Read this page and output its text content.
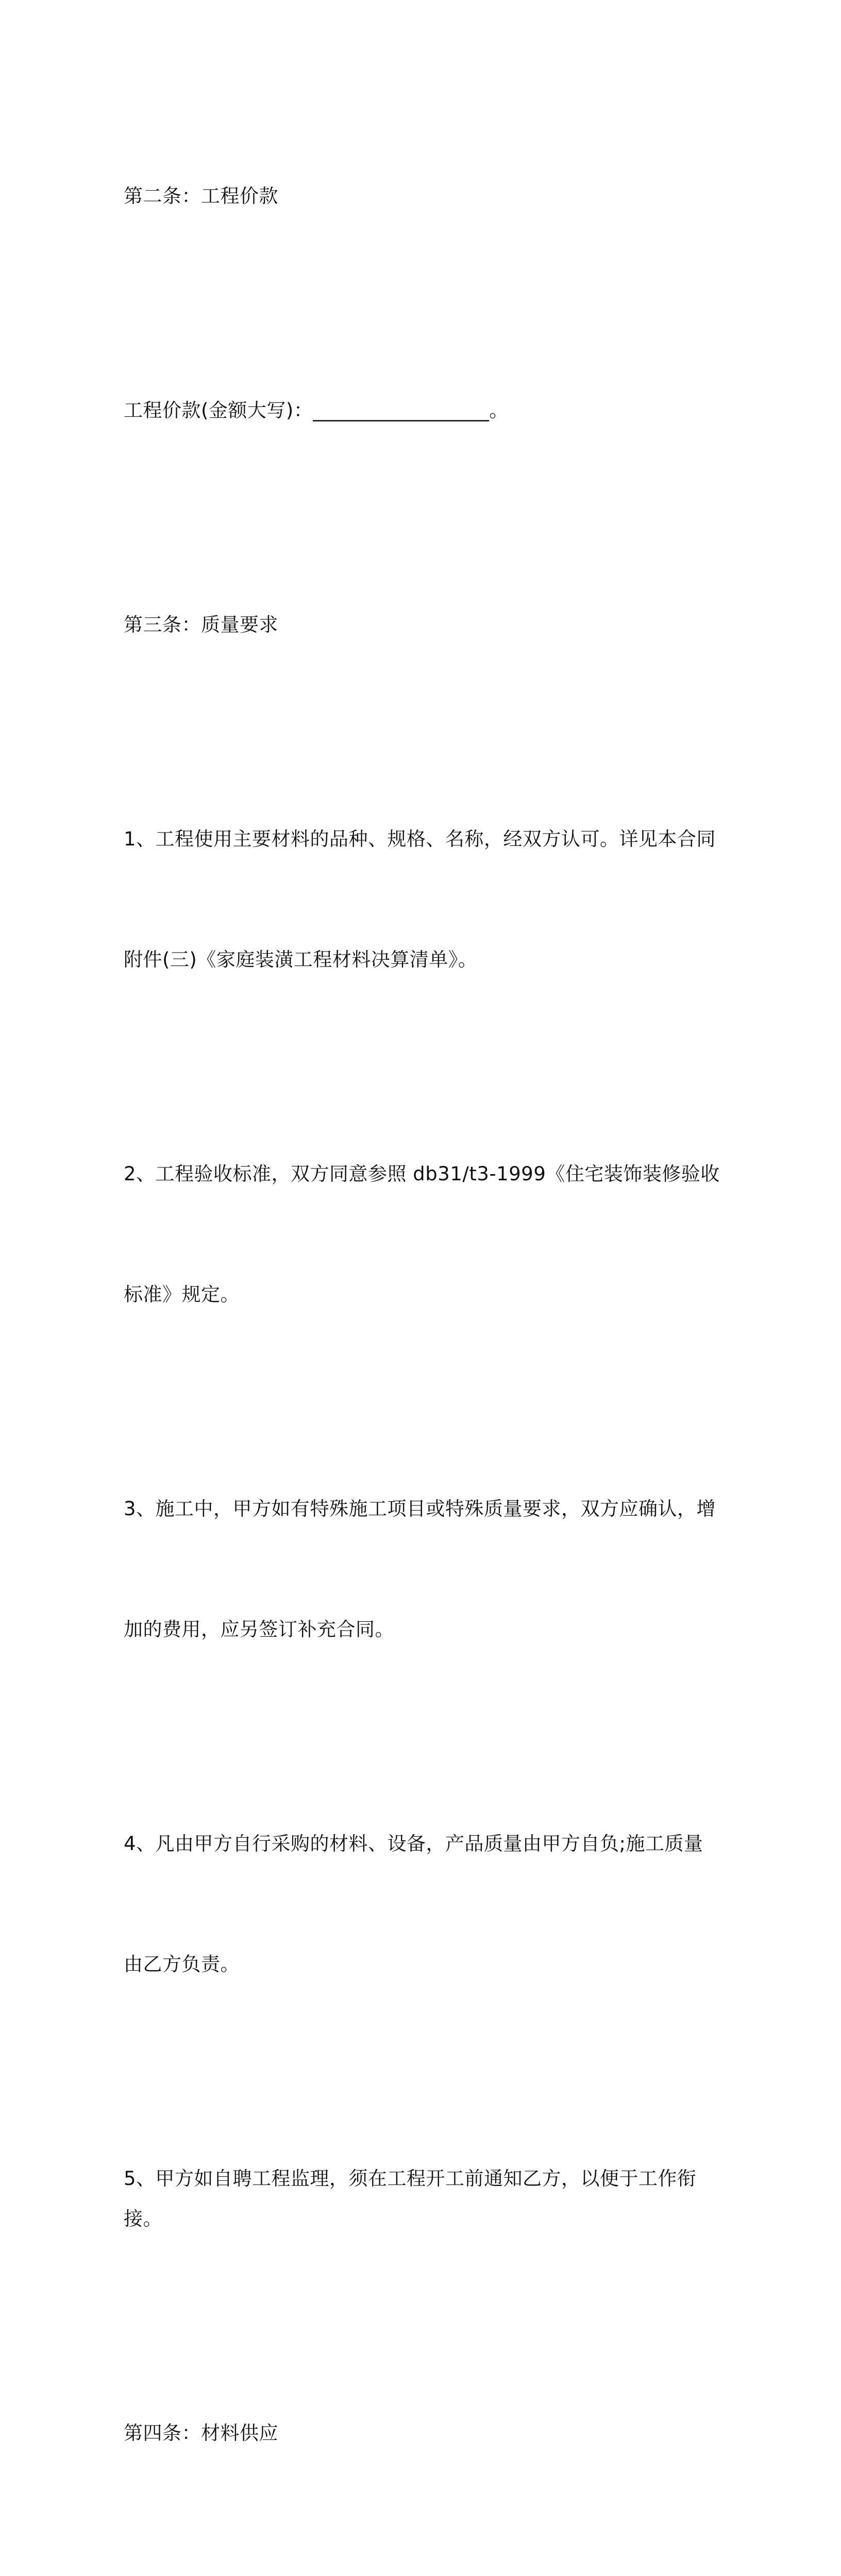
第二条：工程价款

工程价款(金额大写)：__________________。

第三条：质量要求

1、工程使用主要材料的品种、规格、名称，经双方认可。详见本合同

附件(三)《家庭装潢工程材料决算清单》。

2、工程验收标准，双方同意参照 db31/t3-1999《住宅装饰装修验收

标准》规定。

3、施工中，甲方如有特殊施工项目或特殊质量要求，双方应确认，增

加的费用，应另签订补充合同。

4、凡由甲方自行采购的材料、设备，产品质量由甲方自负;施工质量

由乙方负责。

5、甲方如自聘工程监理，须在工程开工前通知乙方，以便于工作衔接。

第四条：材料供应
